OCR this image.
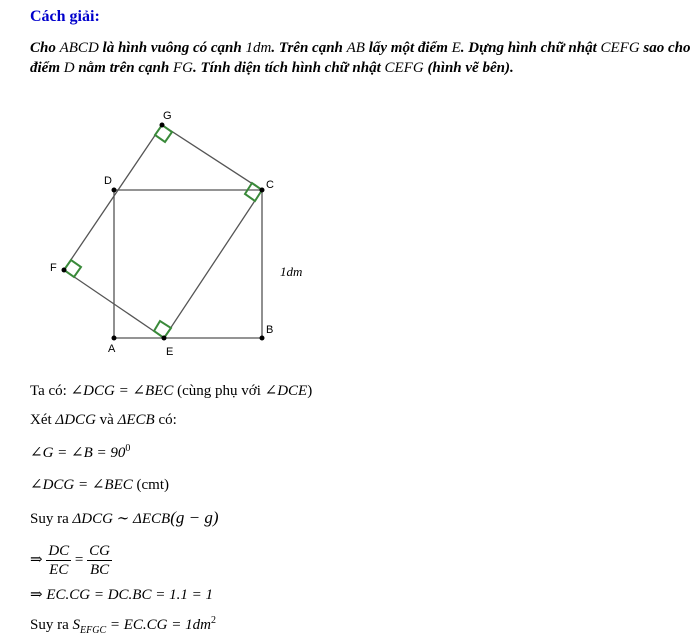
Cách giải:
Cho ABCD là hình vuông có cạnh 1dm. Trên cạnh AB lấy một điểm E. Dựng hình chữ nhật CEFG sao cho điểm D nằm trên cạnh FG. Tính diện tích hình chữ nhật CEFG (hình vẽ bên).
G
D	C
F
B
A	E
1dm
Ta có: ∠DCG = ∠BEC (cùng phụ với ∠DCE)
Xét ΔDCG và ΔECB có:
∠G = ∠B = $90^0$
∠DCG = ∠BEC (cmt)
Suy ra ΔDCG ∼ ΔECB(g − g)
⇒ $\frac{DC}{EC} = \frac{CG}{BC}$
⇒ EC.CG = DC.BC = 1.1 = 1
Suy ra $S_{EFGC} = EC.CG = 1dm^2$
